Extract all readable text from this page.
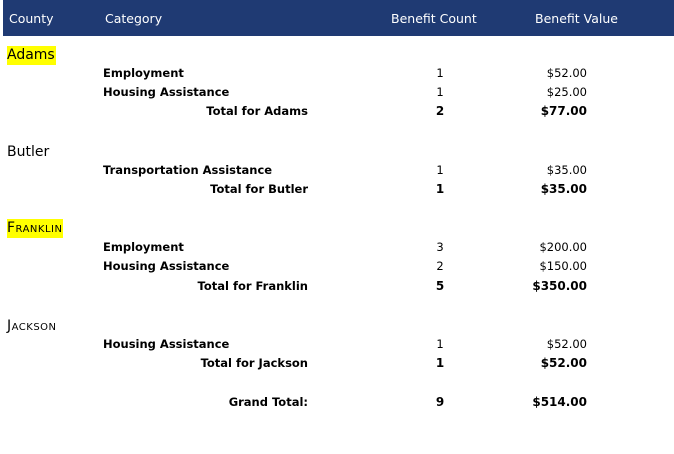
County	Category	Benefit Count	Benefit Value
Adams
Employment	1	$52.00
Housing Assistance	1	$25.00
Total for Adams	2	$77.00
Butler
Transportation Assistance	1	$35.00
Total for Butler	1	$35.00
Franklin
Employment	3	$200.00
Housing Assistance	2	$150.00
Total for Franklin	5	$350.00
Jackson
Housing Assistance	1	$52.00
Total for Jackson	1	$52.00
Grand Total:	9	$514.00
